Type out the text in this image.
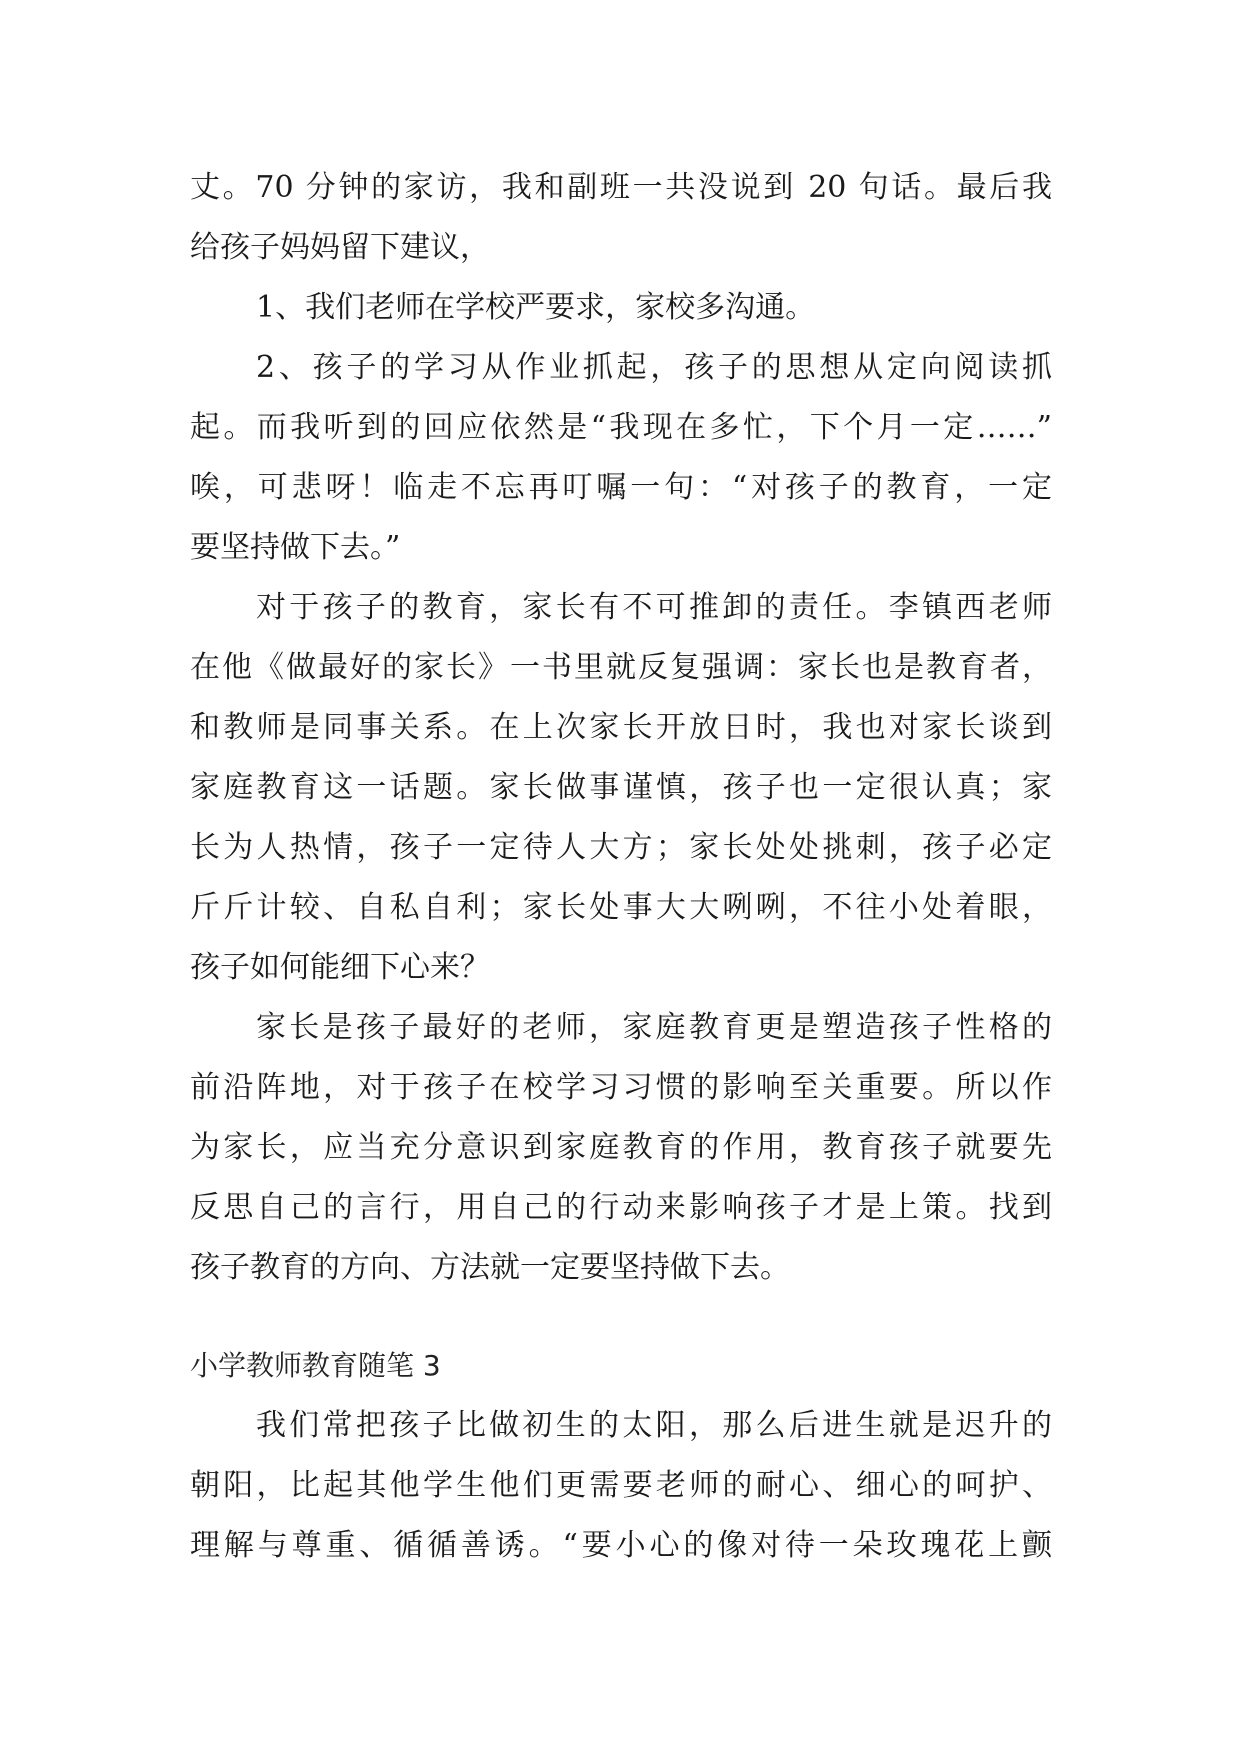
丈。70 分钟的家访，我和副班一共没说到 20 句话。最后我
给孩子妈妈留下建议，
1、我们老师在学校严要求，家校多沟通。
2、孩子的学习从作业抓起，孩子的思想从定向阅读抓
起。而我听到的回应依然是“我现在多忙，下个月一定……”
唉，可悲呀！临走不忘再叮嘱一句：“对孩子的教育，一定
要坚持做下去。”
对于孩子的教育，家长有不可推卸的责任。李镇西老师
在他《做最好的家长》一书里就反复强调：家长也是教育者，
和教师是同事关系。在上次家长开放日时，我也对家长谈到
家庭教育这一话题。家长做事谨慎，孩子也一定很认真；家
长为人热情，孩子一定待人大方；家长处处挑刺，孩子必定
斤斤计较、自私自利；家长处事大大咧咧，不往小处着眼，
孩子如何能细下心来？
家长是孩子最好的老师，家庭教育更是塑造孩子性格的
前沿阵地，对于孩子在校学习习惯的影响至关重要。所以作
为家长，应当充分意识到家庭教育的作用，教育孩子就要先
反思自己的言行，用自己的行动来影响孩子才是上策。找到
孩子教育的方向、方法就一定要坚持做下去。
小学教师教育随笔 3
我们常把孩子比做初生的太阳，那么后进生就是迟升的
朝阳，比起其他学生他们更需要老师的耐心、细心的呵护、
理解与尊重、循循善诱。“要小心的像对待一朵玫瑰花上颤
